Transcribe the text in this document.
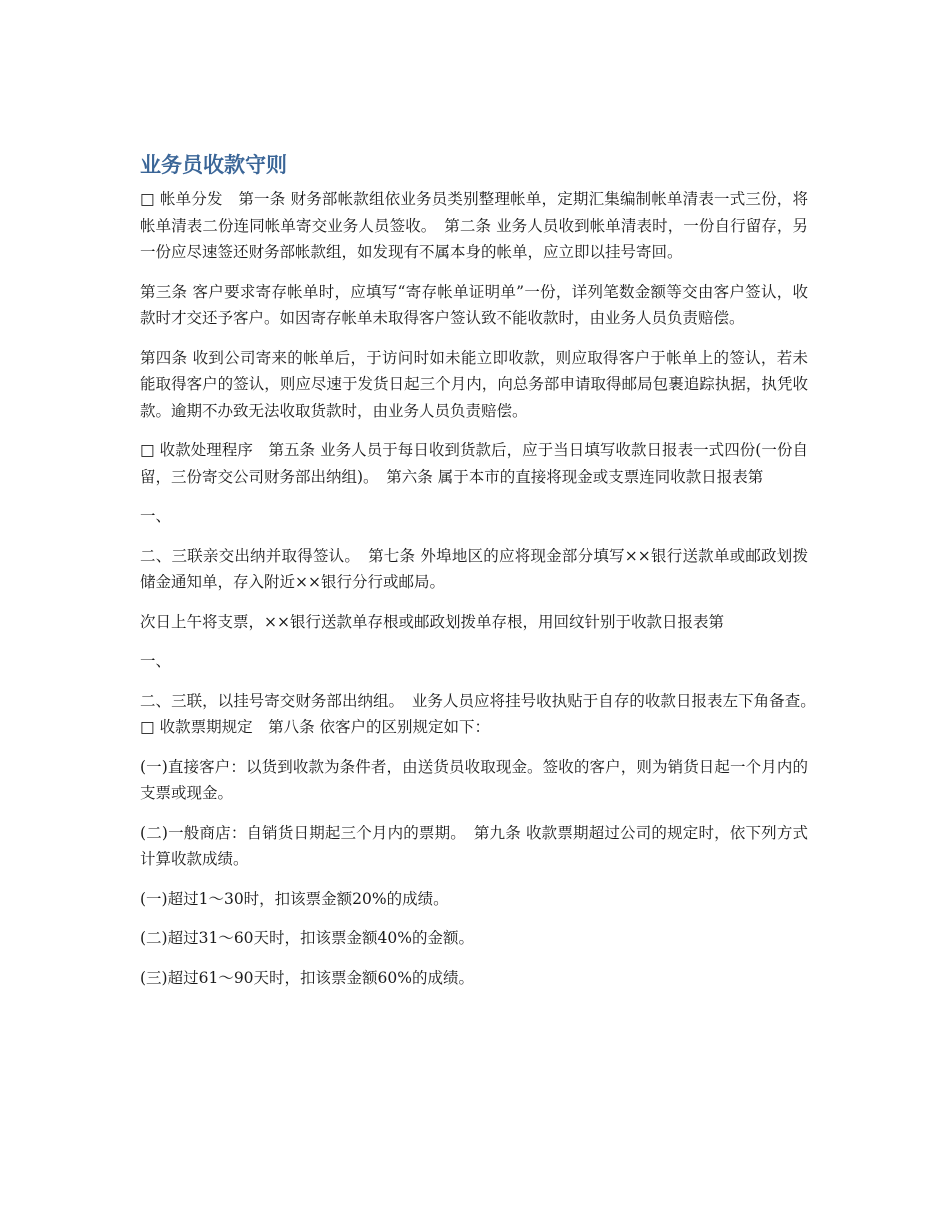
业务员收款守则

□ 帐单分发　第一条 财务部帐款组依业务员类别整理帐单，定期汇集编制帐单清表一式三份，将帐单清表二份连同帐单寄交业务人员签收。　第二条 业务人员收到帐单清表时，一份自行留存，另一份应尽速签还财务部帐款组，如发现有不属本身的帐单，应立即以挂号寄回。

第三条 客户要求寄存帐单时，应填写“寄存帐单证明单”一份，详列笔数金额等交由客户签认，收款时才交还予客户。如因寄存帐单未取得客户签认致不能收款时，由业务人员负责赔偿。

第四条 收到公司寄来的帐单后，于访问时如未能立即收款，则应取得客户于帐单上的签认，若未能取得客户的签认，则应尽速于发货日起三个月内，向总务部申请取得邮局包裹追踪执据，执凭收款。逾期不办致无法收取货款时，由业务人员负责赔偿。

□ 收款处理程序　第五条 业务人员于每日收到货款后，应于当日填写收款日报表一式四份(一份自留，三份寄交公司财务部出纳组)。　第六条 属于本市的直接将现金或支票连同收款日报表第

一、

二、三联亲交出纳并取得签认。　第七条 外埠地区的应将现金部分填写××银行送款单或邮政划拨储金通知单，存入附近××银行分行或邮局。

次日上午将支票，××银行送款单存根或邮政划拨单存根，用回纹针别于收款日报表第

一、

二、三联，以挂号寄交财务部出纳组。　业务人员应将挂号收执贴于自存的收款日报表左下角备查。　□ 收款票期规定　第八条 依客户的区别规定如下：

(一)直接客户：以货到收款为条件者，由送货员收取现金。签收的客户，则为销货日起一个月内的支票或现金。

(二)一般商店：自销货日期起三个月内的票期。　第九条 收款票期超过公司的规定时，依下列方式计算收款成绩。

(一)超过1～30时，扣该票金额20%的成绩。

(二)超过31～60天时，扣该票金额40%的金额。

(三)超过61～90天时，扣该票金额60%的成绩。
